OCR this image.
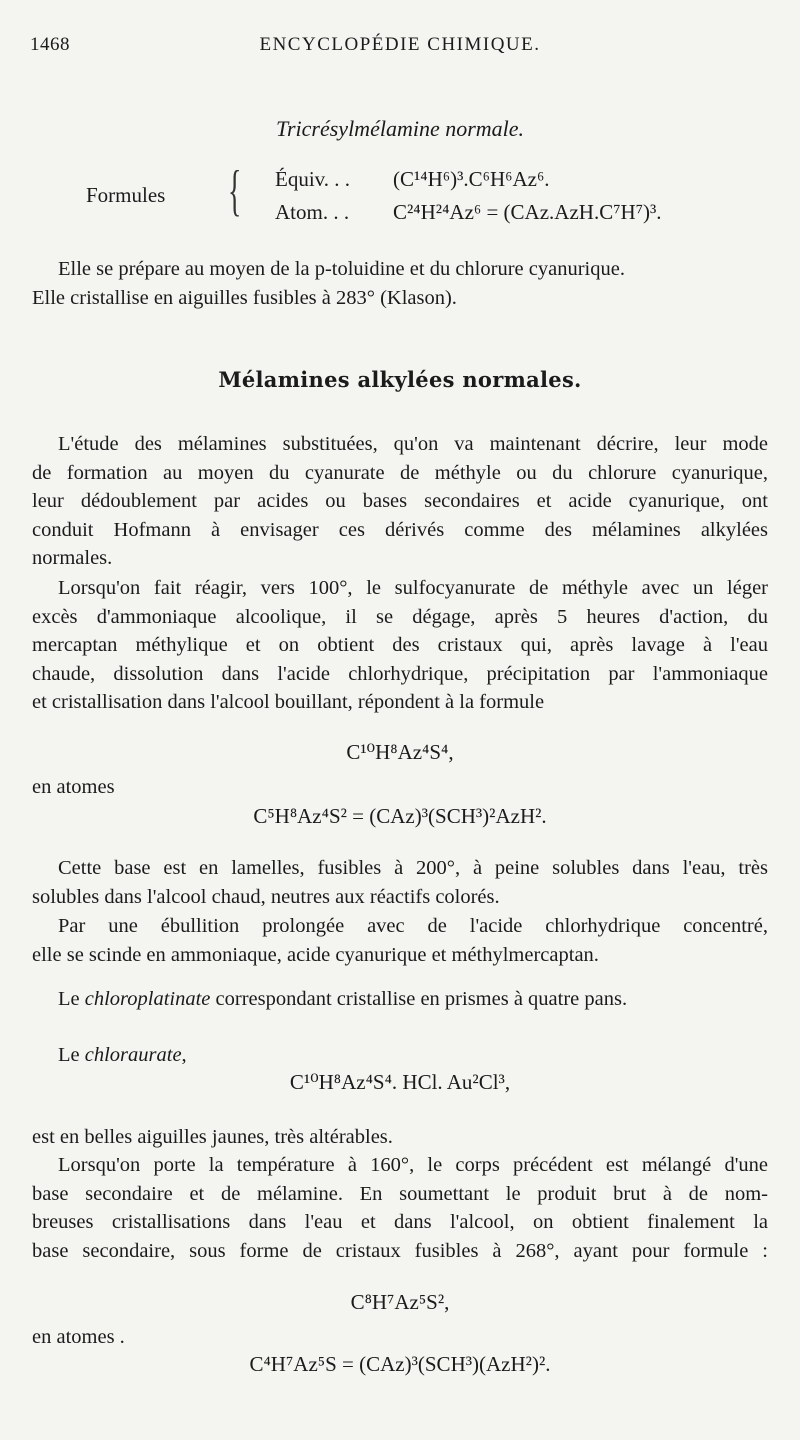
1468	ENCYCLOPÉDIE CHIMIQUE.
Tricrésylmélamine normale.
Formules { Équiv. . . (C¹⁴H⁶)³.C⁶H⁶Az⁶.
Atom. . . C²⁴H²⁴Az⁶ = (CAz.AzH.C⁷H⁷)³.
Elle se prépare au moyen de la p-toluidine et du chlorure cyanurique.
Elle cristallise en aiguilles fusibles à 283° (Klason).
Mélamines alkylées normales.
L'étude des mélamines substituées, qu'on va maintenant décrire, leur mode
de formation au moyen du cyanurate de méthyle ou du chlorure cyanurique,
leur dédoublement par acides ou bases secondaires et acide cyanurique, ont
conduit Hofmann à envisager ces dérivés comme des mélamines alkylées
normales.
Lorsqu'on fait réagir, vers 100°, le sulfocyanurate de méthyle avec un léger
excès d'ammoniaque alcoolique, il se dégage, après 5 heures d'action, du
mercaptan méthylique et on obtient des cristaux qui, après lavage à l'eau
chaude, dissolution dans l'acide chlorhydrique, précipitation par l'ammoniaque
et cristallisation dans l'alcool bouillant, répondent à la formule
C¹⁰H⁸Az⁴S⁴,
en atomes
C⁵H⁸Az⁴S² = (CAz)³(SCH³)²AzH².
Cette base est en lamelles, fusibles à 200°, à peine solubles dans l'eau, très
solubles dans l'alcool chaud, neutres aux réactifs colorés.
Par une ébullition prolongée avec de l'acide chlorhydrique concentré,
elle se scinde en ammoniaque, acide cyanurique et méthylmercaptan.
Le chloroplatinate correspondant cristallise en prismes à quatre pans.
Le chloraurate,
C¹⁰H⁸Az⁴S⁴. HCl. Au²Cl³,
est en belles aiguilles jaunes, très altérables.
Lorsqu'on porte la température à 160°, le corps précédent est mélangé d'une
base secondaire et de mélamine. En soumettant le produit brut à de nom-
breuses cristallisations dans l'eau et dans l'alcool, on obtient finalement la
base secondaire, sous forme de cristaux fusibles à 268°, ayant pour formule :
C⁸H⁷Az⁵S²,
en atomes .
C⁴H⁷Az⁵S = (CAz)³(SCH³)(AzH²)².
